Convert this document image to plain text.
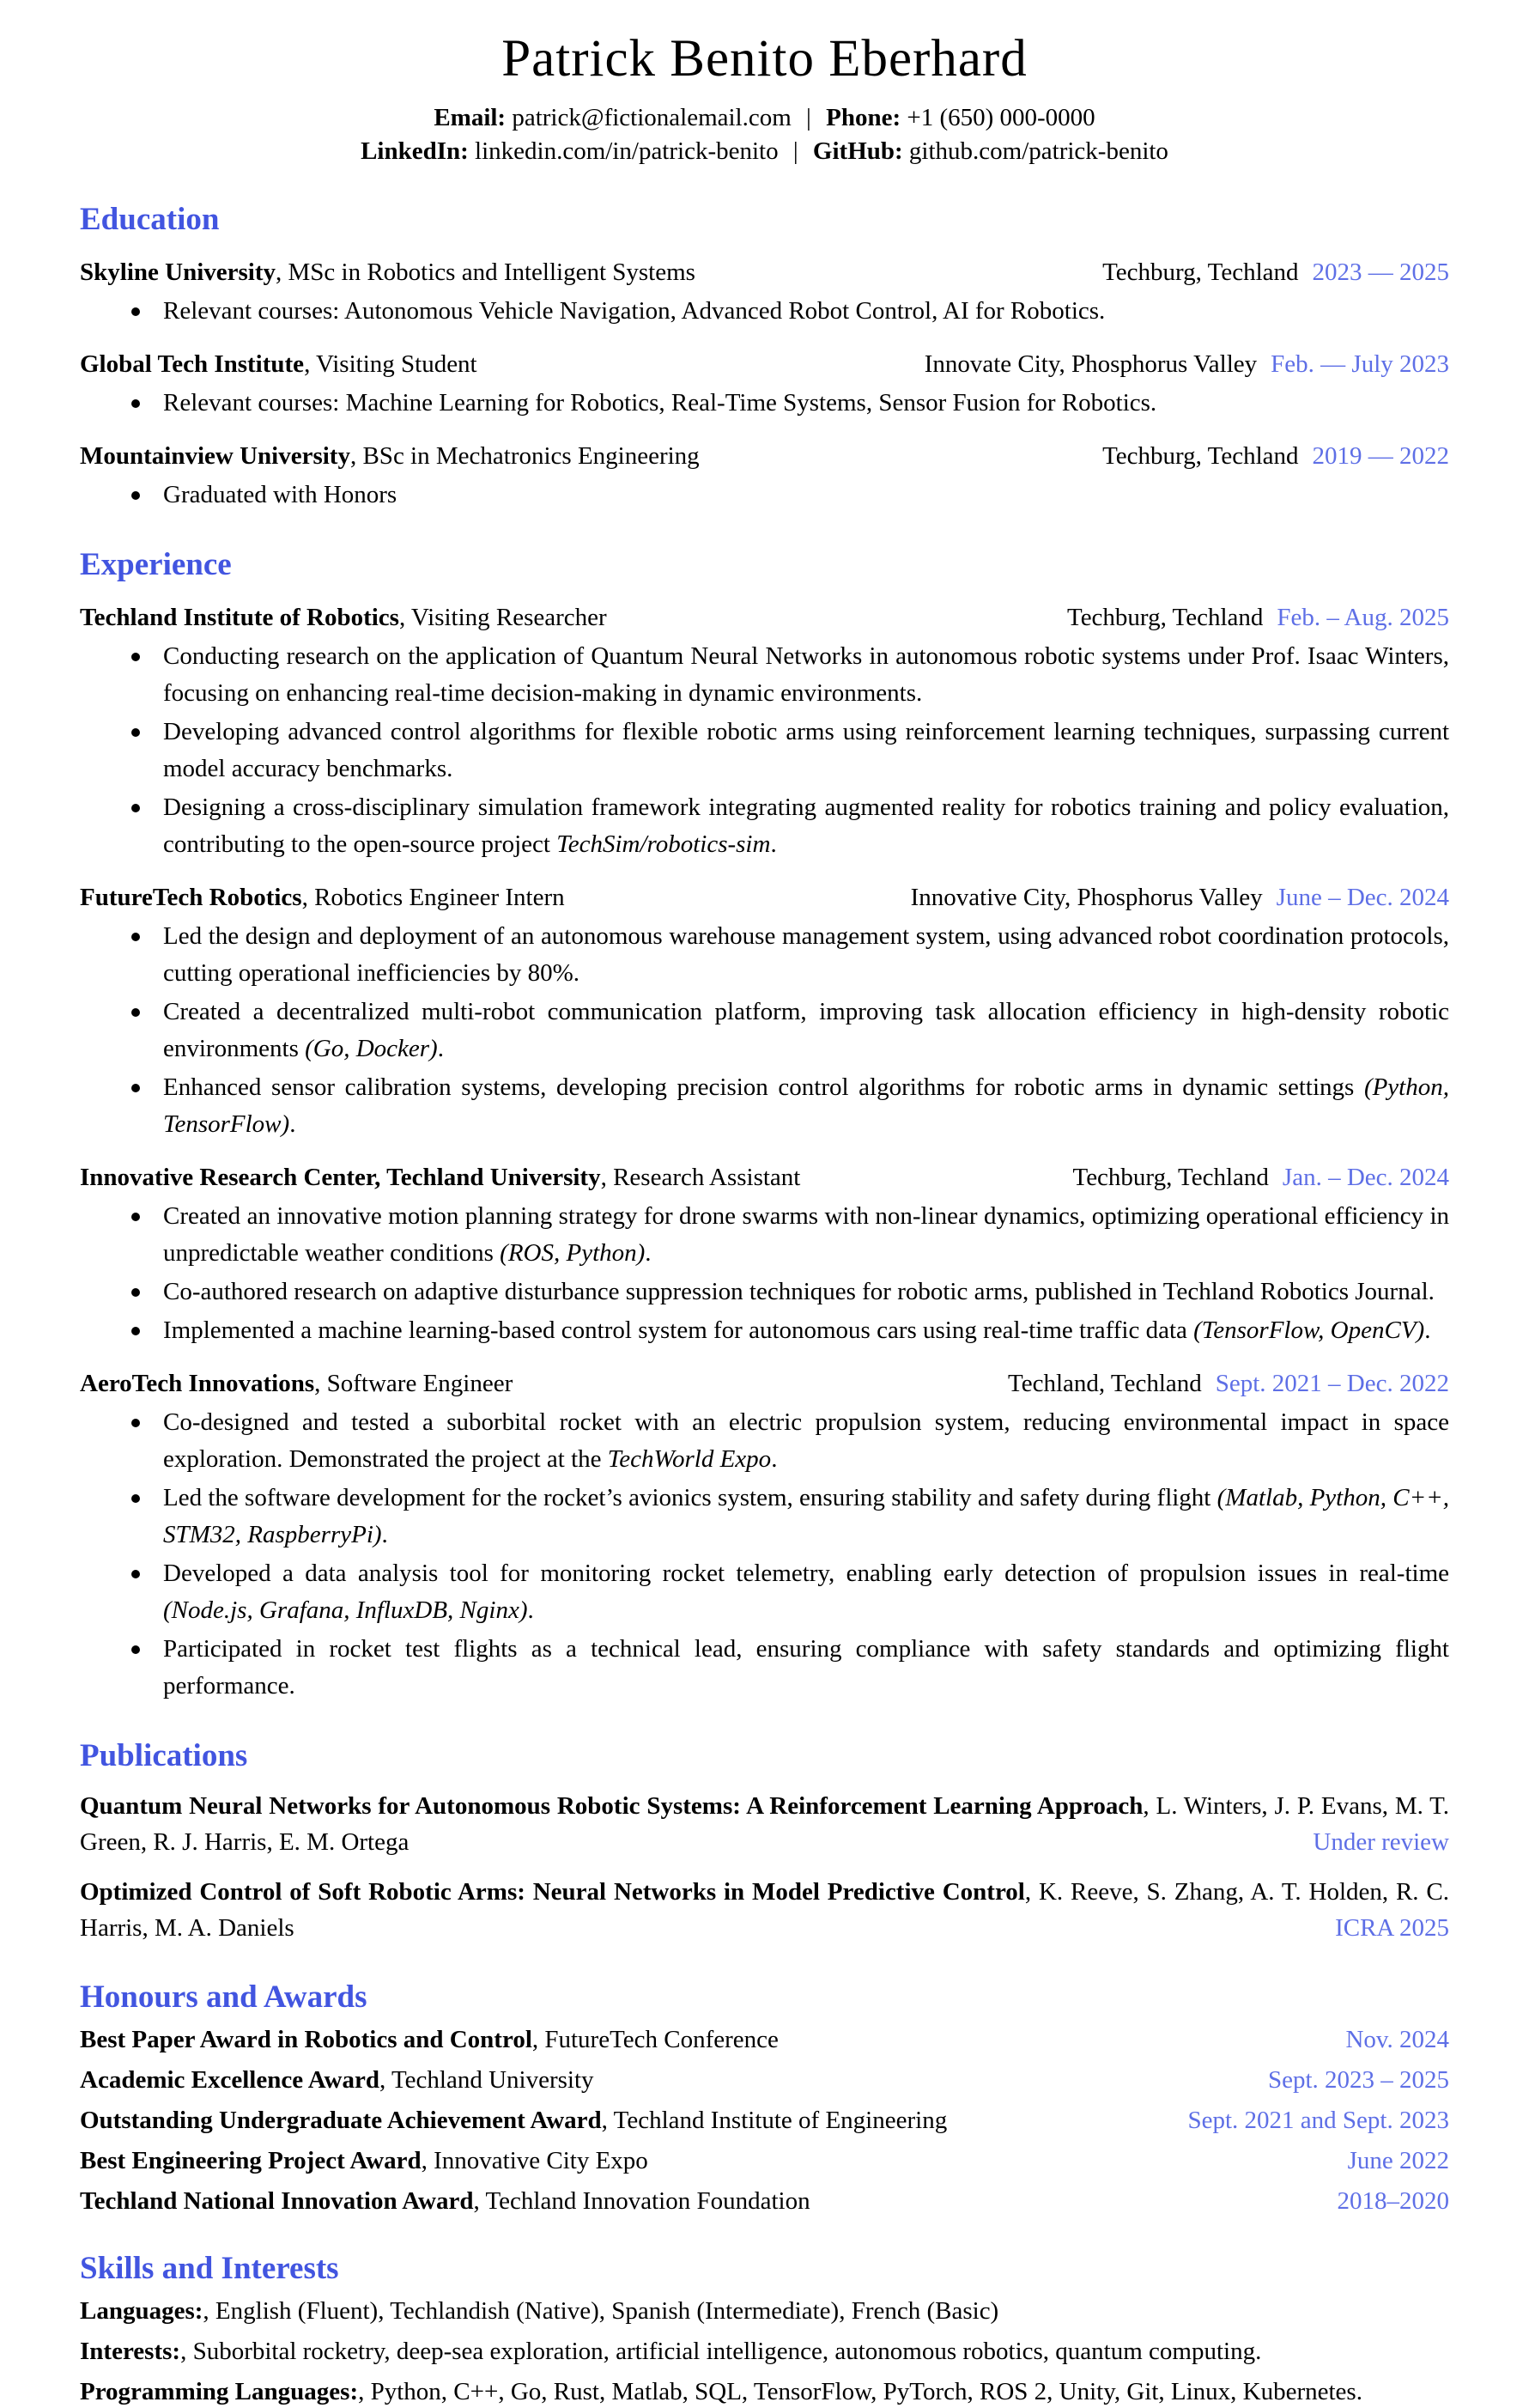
Patrick Benito Eberhard
Email: patrick@fictionalemail.com | Phone: +1 (650) 000-0000
LinkedIn: linkedin.com/in/patrick-benito | GitHub: github.com/patrick-benito
Education
Skyline University, MSc in Robotics and Intelligent Systems	Techburg, Techland 2023 — 2025
Relevant courses: Autonomous Vehicle Navigation, Advanced Robot Control, AI for Robotics.
Global Tech Institute, Visiting Student	Innovate City, Phosphorus Valley Feb. — July 2023
Relevant courses: Machine Learning for Robotics, Real-Time Systems, Sensor Fusion for Robotics.
Mountainview University, BSc in Mechatronics Engineering	Techburg, Techland 2019 — 2022
Graduated with Honors
Experience
Techland Institute of Robotics, Visiting Researcher	Techburg, Techland Feb. – Aug. 2025
Conducting research on the application of Quantum Neural Networks in autonomous robotic systems under Prof. Isaac Winters, focusing on enhancing real-time decision-making in dynamic environments.
Developing advanced control algorithms for flexible robotic arms using reinforcement learning techniques, surpassing current model accuracy benchmarks.
Designing a cross-disciplinary simulation framework integrating augmented reality for robotics training and policy evaluation, contributing to the open-source project TechSim/robotics-sim.
FutureTech Robotics, Robotics Engineer Intern	Innovative City, Phosphorus Valley June – Dec. 2024
Led the design and deployment of an autonomous warehouse management system, using advanced robot coordination protocols, cutting operational inefficiencies by 80%.
Created a decentralized multi-robot communication platform, improving task allocation efficiency in high-density robotic environments (Go, Docker).
Enhanced sensor calibration systems, developing precision control algorithms for robotic arms in dynamic settings (Python, TensorFlow).
Innovative Research Center, Techland University, Research Assistant	Techburg, Techland Jan. – Dec. 2024
Created an innovative motion planning strategy for drone swarms with non-linear dynamics, optimizing operational efficiency in unpredictable weather conditions (ROS, Python).
Co-authored research on adaptive disturbance suppression techniques for robotic arms, published in Techland Robotics Journal.
Implemented a machine learning-based control system for autonomous cars using real-time traffic data (TensorFlow, OpenCV).
AeroTech Innovations, Software Engineer	Techland, Techland Sept. 2021 – Dec. 2022
Co-designed and tested a suborbital rocket with an electric propulsion system, reducing environmental impact in space exploration. Demonstrated the project at the TechWorld Expo.
Led the software development for the rocket’s avionics system, ensuring stability and safety during flight (Matlab, Python, C++, STM32, RaspberryPi).
Developed a data analysis tool for monitoring rocket telemetry, enabling early detection of propulsion issues in real-time (Node.js, Grafana, InfluxDB, Nginx).
Participated in rocket test flights as a technical lead, ensuring compliance with safety standards and optimizing flight performance.
Publications
Quantum Neural Networks for Autonomous Robotic Systems: A Reinforcement Learning Approach, L. Winters, J. P. Evans, M. T. Green, R. J. Harris, E. M. Ortega	Under review
Optimized Control of Soft Robotic Arms: Neural Networks in Model Predictive Control, K. Reeve, S. Zhang, A. T. Holden, R. C. Harris, M. A. Daniels	ICRA 2025
Honours and Awards
Best Paper Award in Robotics and Control, FutureTech Conference	Nov. 2024
Academic Excellence Award, Techland University	Sept. 2023 – 2025
Outstanding Undergraduate Achievement Award, Techland Institute of Engineering	Sept. 2021 and Sept. 2023
Best Engineering Project Award, Innovative City Expo	June 2022
Techland National Innovation Award, Techland Innovation Foundation	2018–2020
Skills and Interests
Languages:, English (Fluent), Techlandish (Native), Spanish (Intermediate), French (Basic)
Interests:, Suborbital rocketry, deep-sea exploration, artificial intelligence, autonomous robotics, quantum computing.
Programming Languages:, Python, C++, Go, Rust, Matlab, SQL, TensorFlow, PyTorch, ROS 2, Unity, Git, Linux, Kubernetes.
